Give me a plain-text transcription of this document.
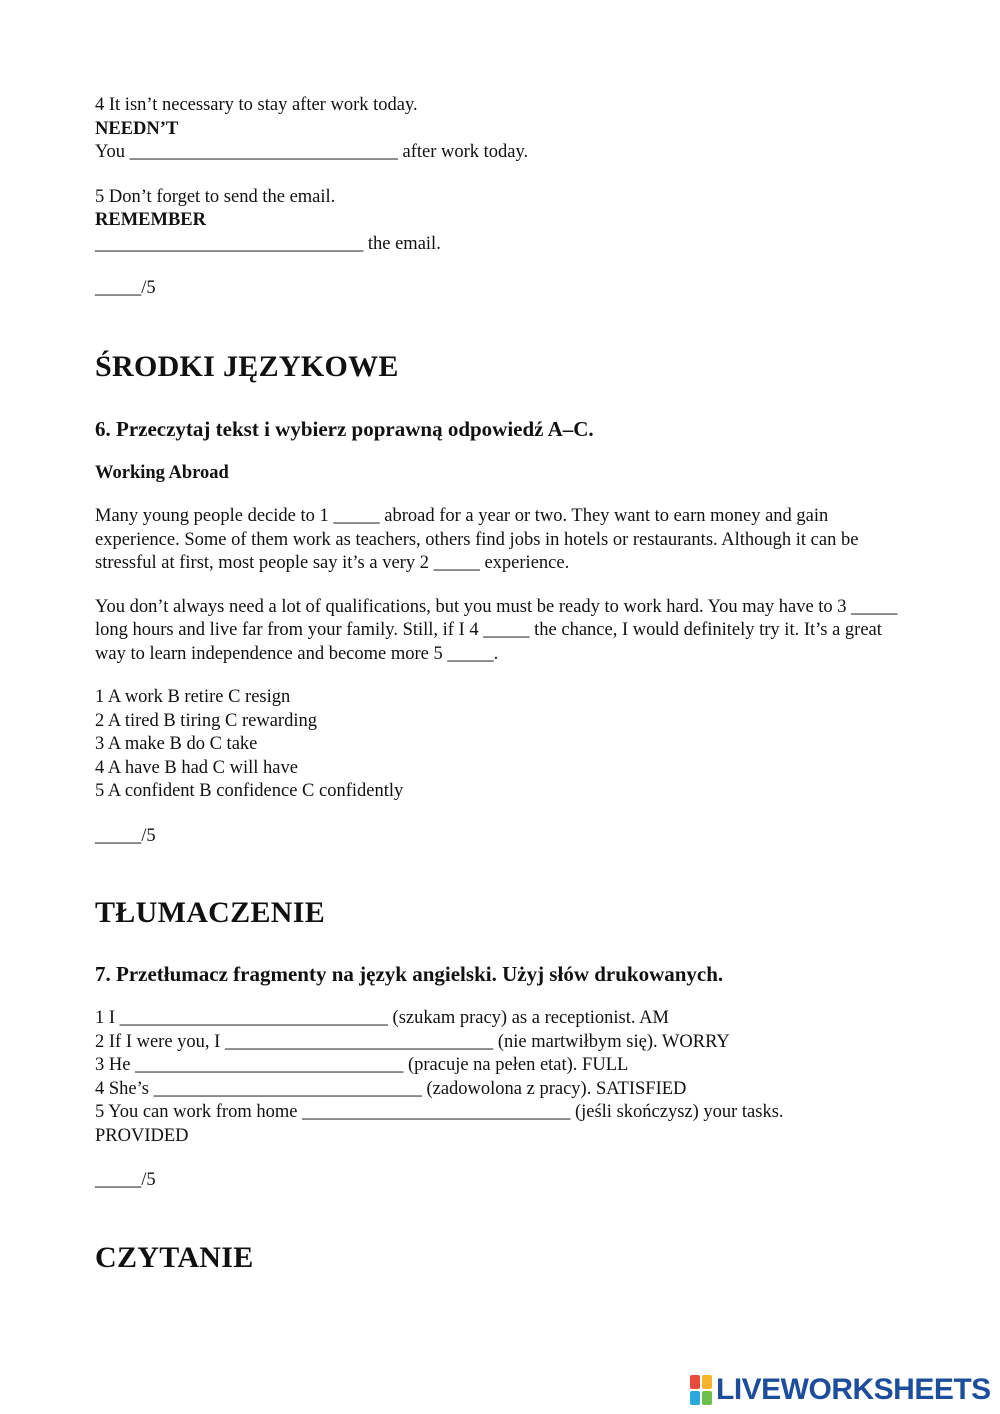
4 It isn’t necessary to stay after work today.

NEEDN’T

You _____________________________ after work today.

5 Don’t forget to send the email.

REMEMBER

_____________________________ the email.

_____/5

ŚRODKI JĘZYKOWE
6. Przeczytaj tekst i wybierz poprawną odpowiedź A–C.

Working Abroad

Many young people decide to 1 _____ abroad for a year or two. They want to earn money and gain experience. Some of them work as teachers, others find jobs in hotels or restaurants. Although it can be stressful at first, most people say it’s a very 2 _____ experience.

You don’t always need a lot of qualifications, but you must be ready to work hard. You may have to 3 _____ long hours and live far from your family. Still, if I 4 _____ the chance, I would definitely try it. It’s a great way to learn independence and become more 5 _____.

1 A work B retire C resign

2 A tired B tiring C rewarding

3 A make B do C take

4 A have B had C will have

5 A confident B confidence C confidently

_____/5

TŁUMACZENIE
7. Przetłumacz fragmenty na język angielski. Użyj słów drukowanych.

1 I _____________________________ (szukam pracy) as a receptionist. AM

2 If I were you, I _____________________________ (nie martwiłbym się). WORRY

3 He _____________________________ (pracuje na pełen etat). FULL

4 She’s _____________________________ (zadowolona z pracy). SATISFIED

5 You can work from home _____________________________ (jeśli skończysz) your tasks.

PROVIDED

_____/5

CZYTANIE
LIVEWORKSHEETS
